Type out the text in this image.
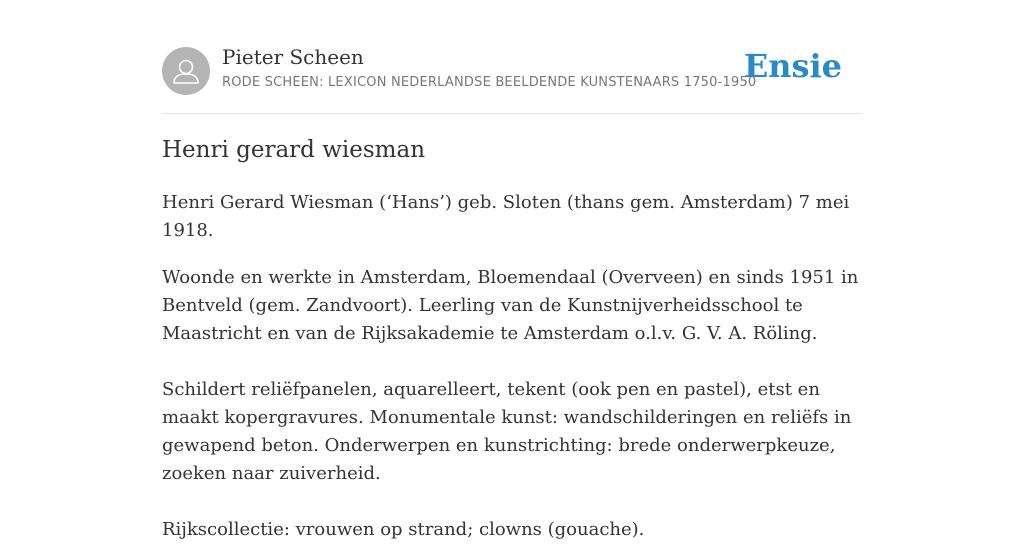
Pieter Scheen
RODE SCHEEN: LEXICON NEDERLANDSE BEELDENDE KUNSTENAARS 1750-1950
Ensie
Henri gerard wiesman

Henri Gerard Wiesman (‘Hans’) geb. Sloten (thans gem. Amsterdam) 7 mei 1918.

Woonde en werkte in Amsterdam, Bloemendaal (Overveen) en sinds 1951 in Bentveld (gem. Zandvoort). Leerling van de Kunstnijverheidsschool te Maastricht en van de Rijksakademie te Amsterdam o.l.v. G. V. A. Röling.

Schildert reliëfpanelen, aquarelleert, tekent (ook pen en pastel), etst en maakt kopergravures. Monumentale kunst: wandschilderingen en reliëfs in gewapend beton. Onderwerpen en kunstrichting: brede onderwerpkeuze, zoeken naar zuiverheid.

Rijkscollectie: vrouwen op strand; clowns (gouache).
